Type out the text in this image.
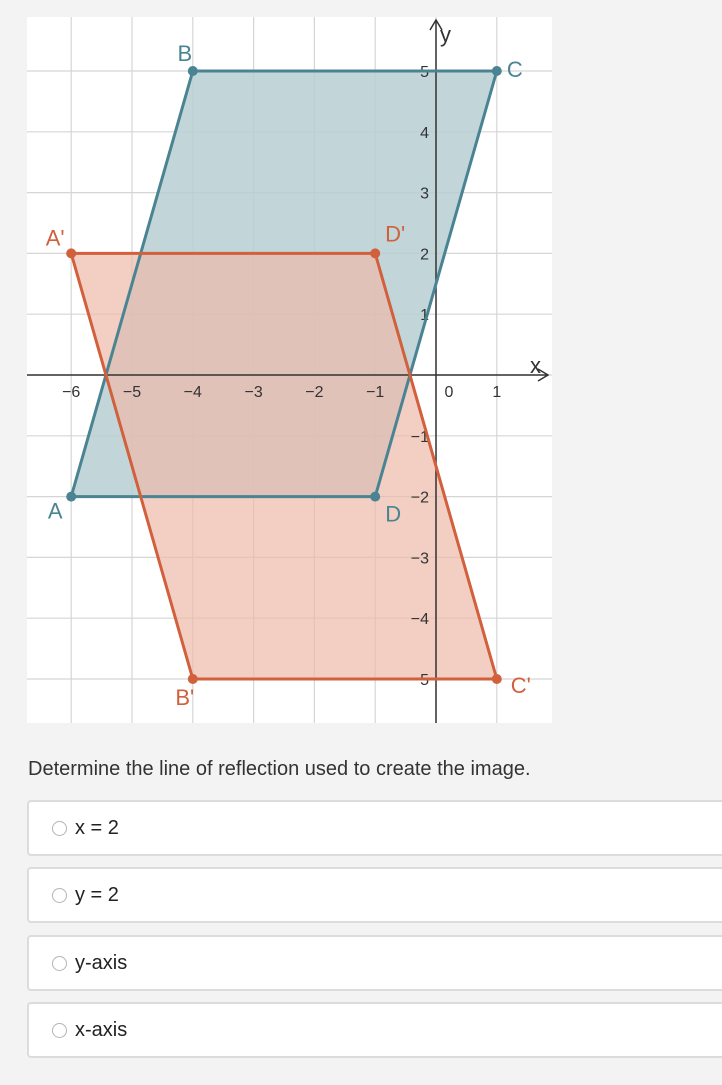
x
y
−6	−5	−4	−3	−2	−1	0 1
5
4
3
2
1
−1
−2
−3
−4
−5
A
B
C
D
A'
B'	C'
D'

Determine the line of reflection used to create the image.

x = 2
y = 2
y-axis
x-axis
